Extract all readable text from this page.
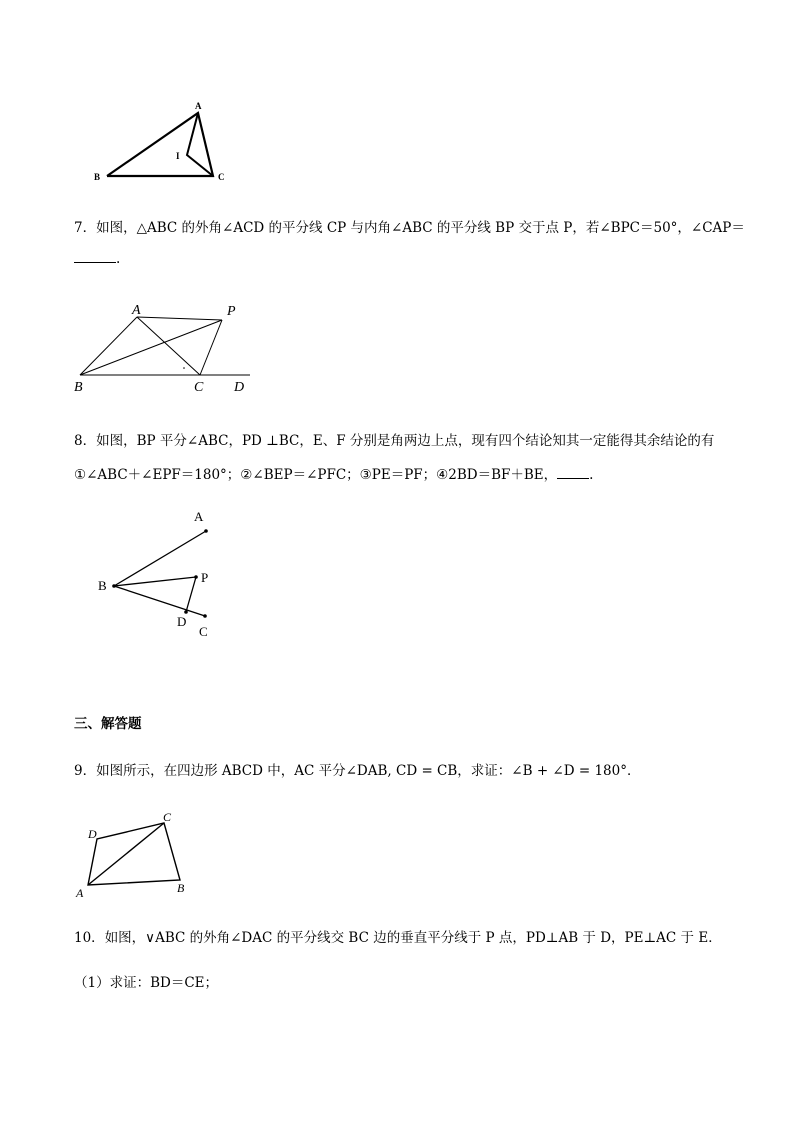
A
B	C
I
7．如图，△ABC 的外角∠ACD 的平分线 CP 与内角∠ABC 的平分线 BP 交于点 P，若∠BPC＝50°，∠CAP＝
.
A	P
B	C D
8．如图，BP 平分∠ABC，PD ⊥BC，E、F 分别是角两边上点，现有四个结论知其一定能得其余结论的有
①∠ABC＋∠EPF＝180°；②∠BEP＝∠PFC；③PE＝PF；④2BD＝BF＋BE， .
A
B
P
D
C
三、解答题
9．如图所示，在四边形 ABCD 中，AC 平分∠DAB, CD = CB，求证：∠B + ∠D = 180°．
A
D
C
B
10．如图，∨ABC 的外角∠DAC 的平分线交 BC 边的垂直平分线于 P 点，PD⊥AB 于 D，PE⊥AC 于 E．
（1）求证：BD＝CE；
